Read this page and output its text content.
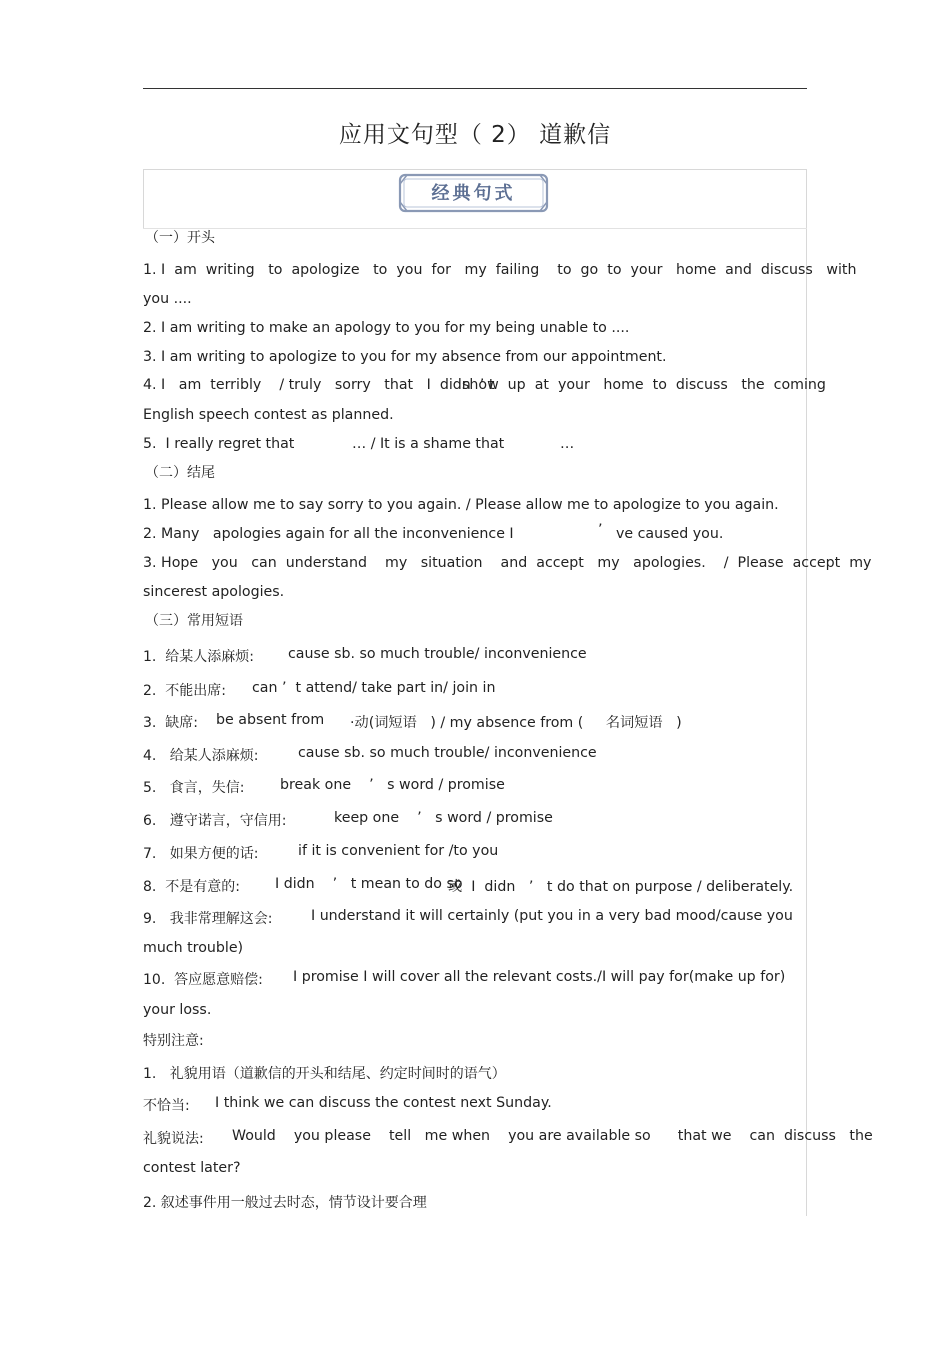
应用文句型（ 2） 道歉信
经典句式
（一）开头
1. I  am  writing   to  apologize   to  you  for   my  failing    to  go  to  your   home  and  discuss   with
you ....
2. I am writing to make an apology to you for my being unable to ....
3. I am writing to apologize to you for my absence from our appointment.
4. I   am  terribly    / truly   sorry   that   I  didn  ’ t
show  up  at  your   home  to  discuss   the  coming
English speech contest as planned.
5.  I really regret that	… / It is a shame that	…
（二）结尾
1. Please allow me to say sorry to you again. / Please allow me to apologize to you again.
2. Many   apologies again for all the inconvenience I	’ ve caused you.
3. Hope   you   can  understand    my   situation    and  accept   my   apologies.    /  Please  accept  my
sincerest apologies.
（三）常用短语
1.  给某人添麻烦: cause sb. so much trouble/ inconvenience
2.  不能出席: can ’  t attend/ take part in/ join in
3.  缺席: be absent from ·动(词短语   ) / my absence from (     名词短语   )
4.   给某人添麻烦:	cause sb. so much trouble/ inconvenience
5.   食言，失信:	break one    ’   s word / promise
6.   遵守诺言，守信用:	keep one    ’   s word / promise
7.   如果方便的话:	if it is convenient for /to you
8.  不是有意的: I didn    ’   t mean to do so
或  I  didn   ’   t do that on purpose / deliberately.
9.   我非常理解这会:	I understand it will certainly (put you in a very bad mood/cause you
much trouble)
10.  答应愿意赔偿: I promise I will cover all the relevant costs./I will pay for(make up for)
your loss.
特别注意:
1.   礼貌用语（道歉信的开头和结尾、约定时间时的语气）
不恰当: I think we can discuss the contest next Sunday.
礼貌说法: Would    you please    tell   me when    you are available so      that we    can  discuss   the
contest later?
2. 叙述事件用一般过去时态，情节设计要合理
